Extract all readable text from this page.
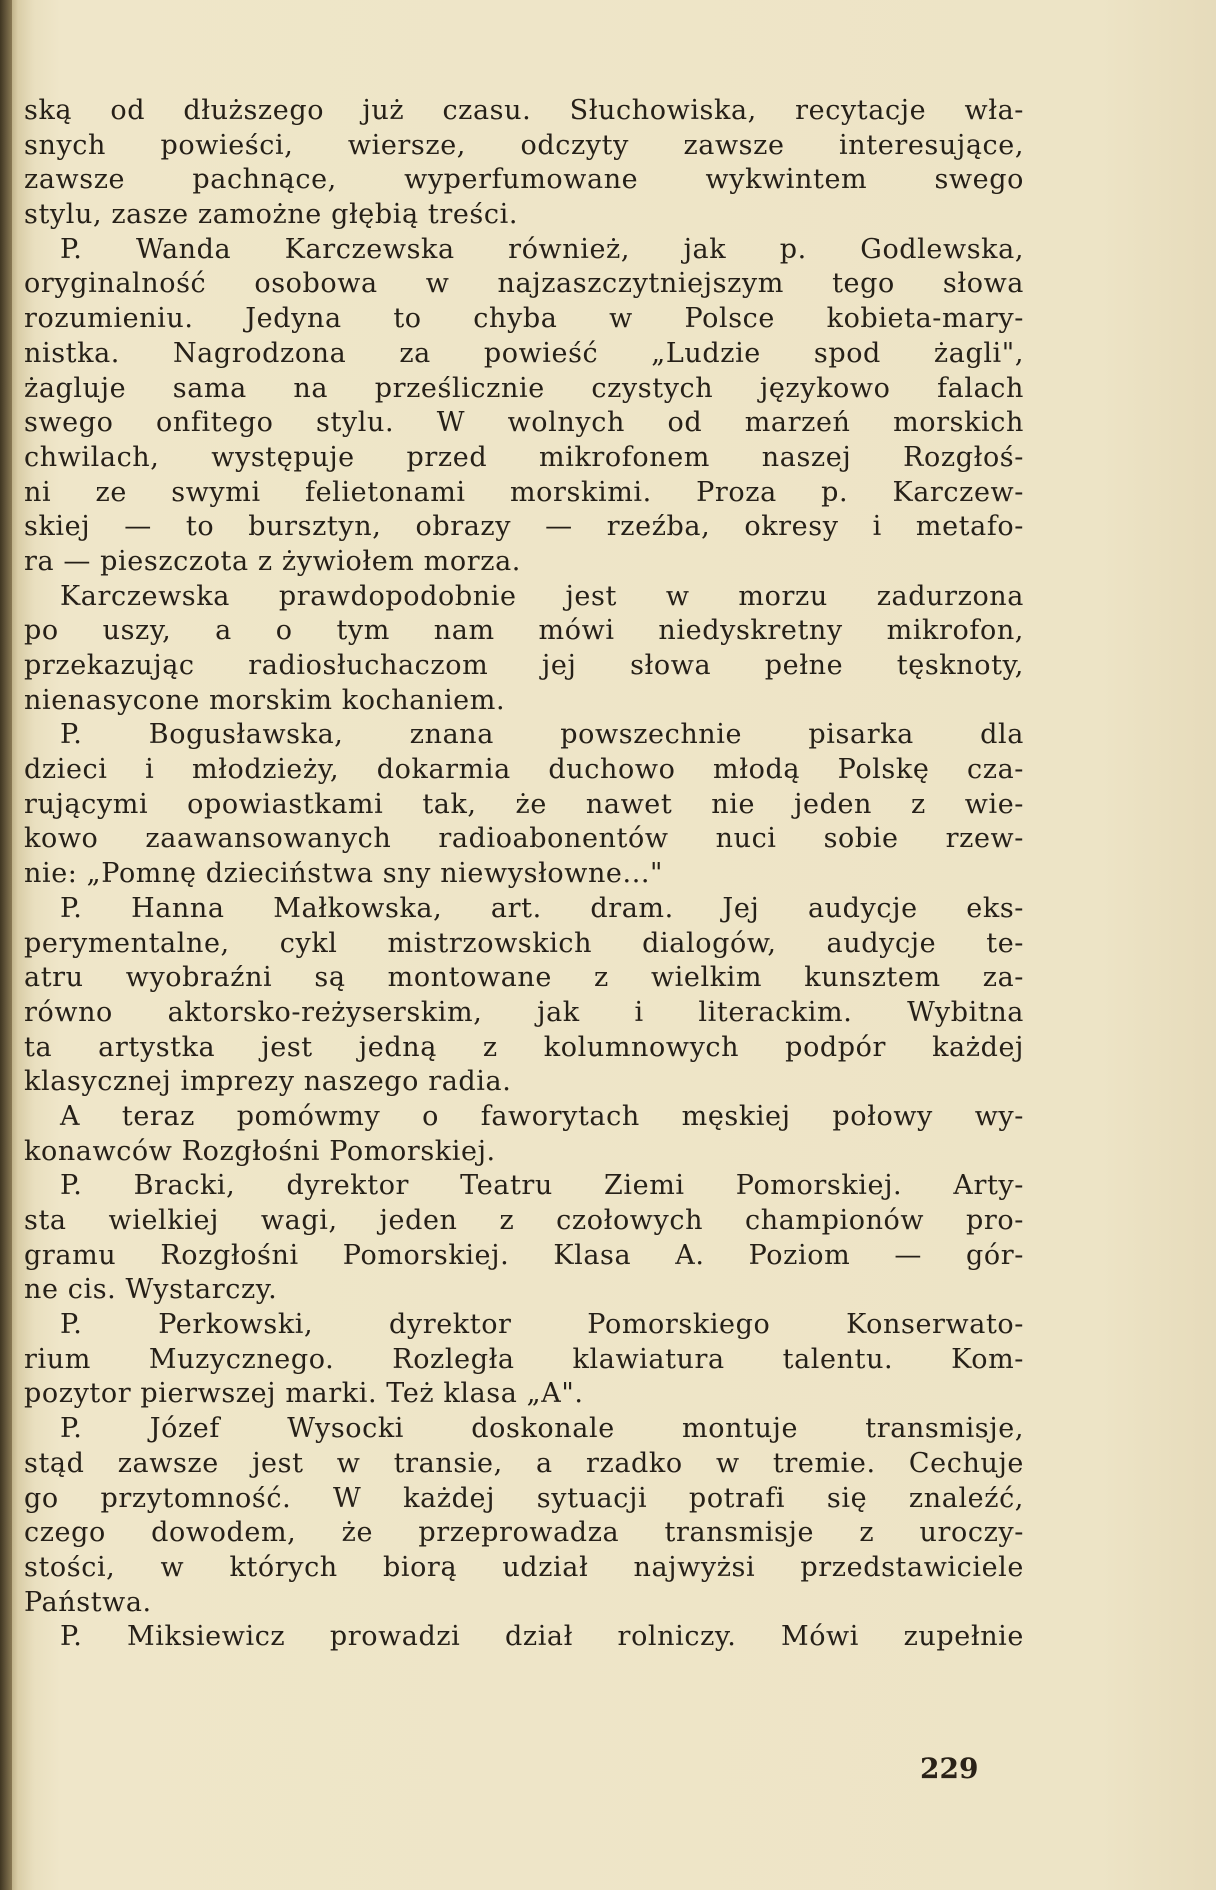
ską od dłuższego już czasu. Słuchowiska, recytacje wła-
snych powieści, wiersze, odczyty zawsze interesujące,
zawsze pachnące, wyperfumowane wykwintem swego
stylu, zasze zamożne głębią treści.
P. Wanda Karczewska również, jak p. Godlewska,
oryginalność osobowa w najzaszczytniejszym tego słowa
rozumieniu. Jedyna to chyba w Polsce kobieta-mary-
nistka. Nagrodzona za powieść „Ludzie spod żagli",
żagluje sama na prześlicznie czystych językowo falach
swego onfitego stylu. W wolnych od marzeń morskich
chwilach, występuje przed mikrofonem naszej Rozgłoś-
ni ze swymi felietonami morskimi. Proza p. Karczew-
skiej — to bursztyn, obrazy — rzeźba, okresy i metafo-
ra — pieszczota z żywiołem morza.
Karczewska prawdopodobnie jest w morzu zadurzona
po uszy, a o tym nam mówi niedyskretny mikrofon,
przekazując radiosłuchaczom jej słowa pełne tęsknoty,
nienasycone morskim kochaniem.
P. Bogusławska, znana powszechnie pisarka dla
dzieci i młodzieży, dokarmia duchowo młodą Polskę cza-
rującymi opowiastkami tak, że nawet nie jeden z wie-
kowo zaawansowanych radioabonentów nuci sobie rzew-
nie: „Pomnę dzieciństwa sny niewysłowne..."
P. Hanna Małkowska, art. dram. Jej audycje eks-
perymentalne, cykl mistrzowskich dialogów, audycje te-
atru wyobraźni są montowane z wielkim kunsztem za-
równo aktorsko-reżyserskim, jak i literackim. Wybitna
ta artystka jest jedną z kolumnowych podpór każdej
klasycznej imprezy naszego radia.
A teraz pomówmy o faworytach męskiej połowy wy-
konawców Rozgłośni Pomorskiej.
P. Bracki, dyrektor Teatru Ziemi Pomorskiej. Arty-
sta wielkiej wagi, jeden z czołowych championów pro-
gramu Rozgłośni Pomorskiej. Klasa A. Poziom — gór-
ne cis. Wystarczy.
P. Perkowski, dyrektor Pomorskiego Konserwato-
rium Muzycznego. Rozległa klawiatura talentu. Kom-
pozytor pierwszej marki. Też klasa „A".
P. Józef Wysocki doskonale montuje transmisje,
stąd zawsze jest w transie, a rzadko w tremie. Cechuje
go przytomność. W każdej sytuacji potrafi się znaleźć,
czego dowodem, że przeprowadza transmisje z uroczy-
stości, w których biorą udział najwyżsi przedstawiciele
Państwa.
P. Miksiewicz prowadzi dział rolniczy. Mówi zupełnie
229
